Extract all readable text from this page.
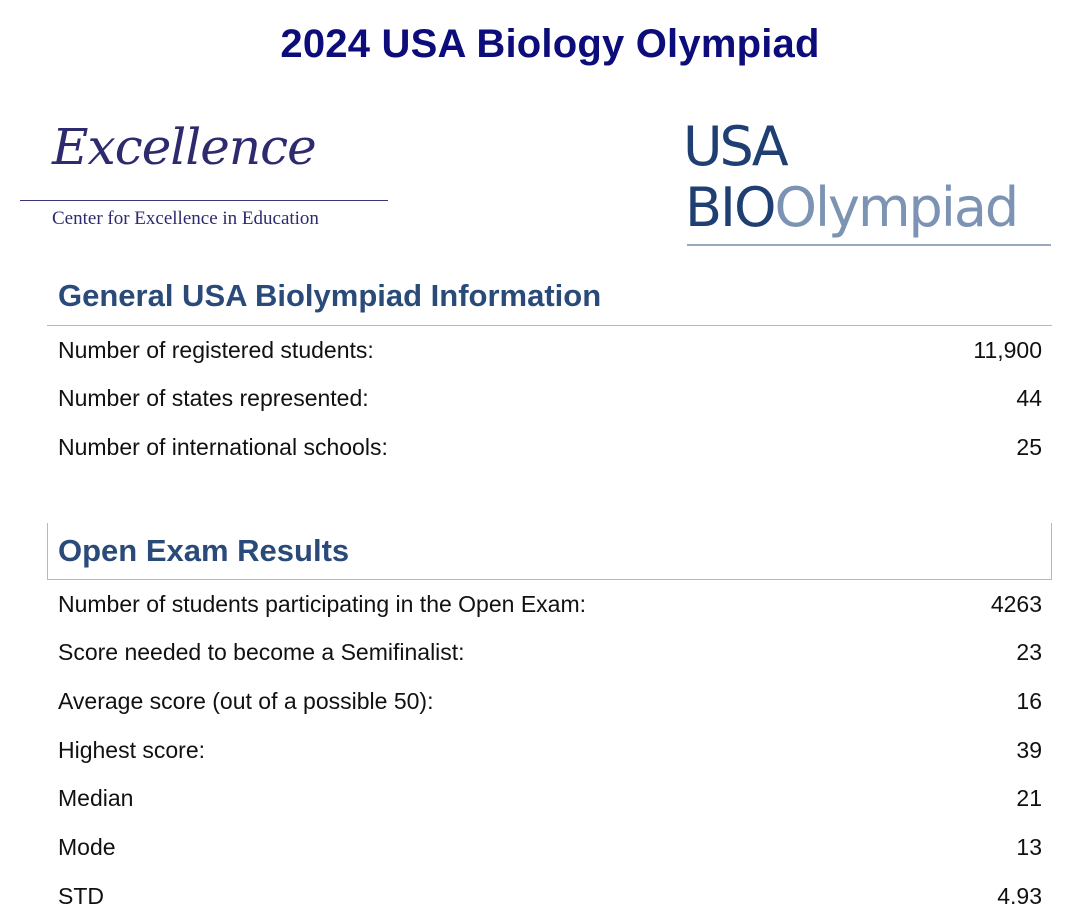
2024 USA Biology Olympiad
Excellence
Center for Excellence in Education
USA
BIOOlympiad
General USA Biolympiad Information
Number of registered students:	11,900
Number of states represented:	44
Number of international schools:	25
Open Exam Results
Number of students participating in the Open Exam:	4263
Score needed to become a Semifinalist:	23
Average score (out of a possible 50):	16
Highest score:	39
Median	21
Mode	13
STD	4.93
